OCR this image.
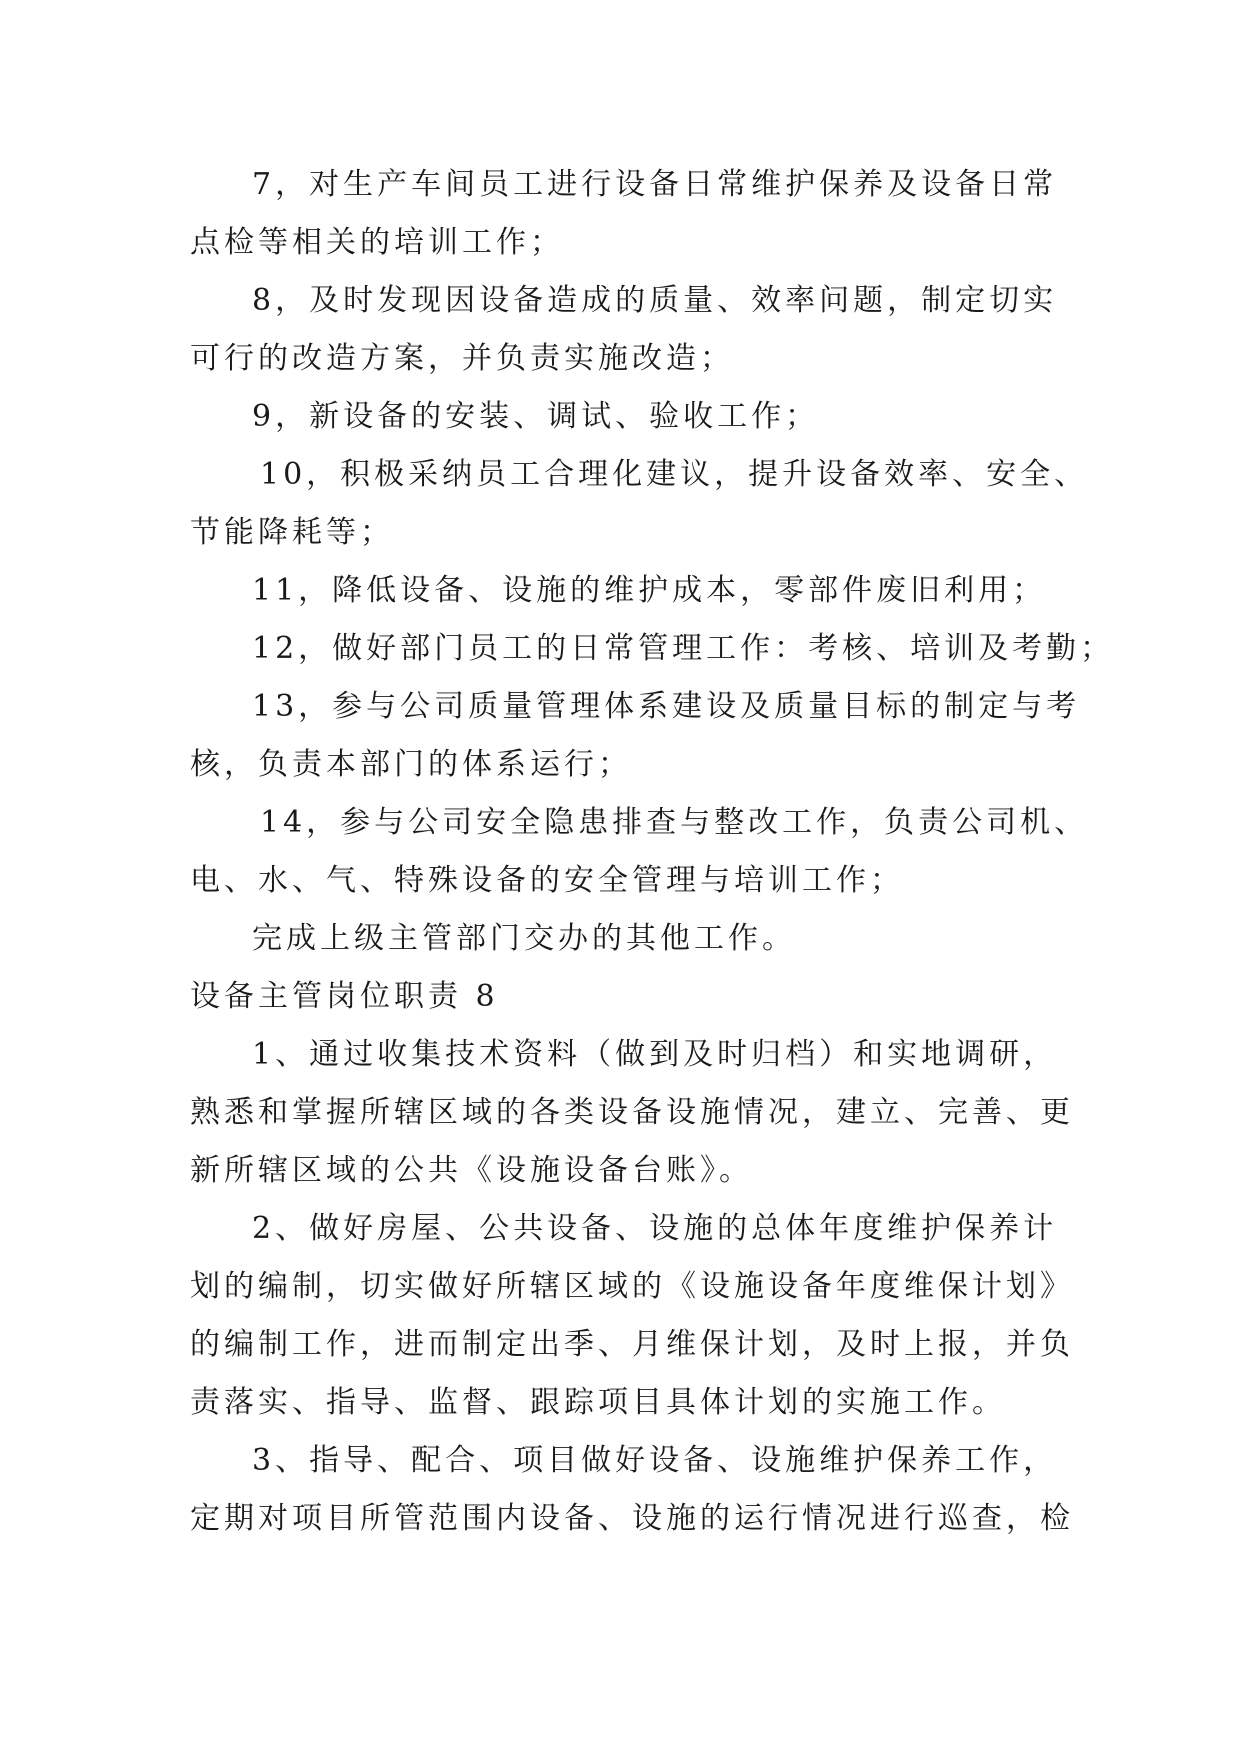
7，对生产车间员工进行设备日常维护保养及设备日常
点检等相关的培训工作；
8，及时发现因设备造成的质量、效率问题，制定切实
可行的改造方案，并负责实施改造；
9，新设备的安装、调试、验收工作；
10，积极采纳员工合理化建议，提升设备效率、安全、
节能降耗等；
11，降低设备、设施的维护成本，零部件废旧利用；
12，做好部门员工的日常管理工作：考核、培训及考勤；
13，参与公司质量管理体系建设及质量目标的制定与考
核，负责本部门的体系运行；
14，参与公司安全隐患排查与整改工作，负责公司机、
电、水、气、特殊设备的安全管理与培训工作；
完成上级主管部门交办的其他工作。
设备主管岗位职责 8
1、通过收集技术资料（做到及时归档）和实地调研，
熟悉和掌握所辖区域的各类设备设施情况，建立、完善、更
新所辖区域的公共《设施设备台账》。
2、做好房屋、公共设备、设施的总体年度维护保养计
划的编制，切实做好所辖区域的《设施设备年度维保计划》
的编制工作，进而制定出季、月维保计划，及时上报，并负
责落实、指导、监督、跟踪项目具体计划的实施工作。
3、指导、配合、项目做好设备、设施维护保养工作，
定期对项目所管范围内设备、设施的运行情况进行巡查，检
